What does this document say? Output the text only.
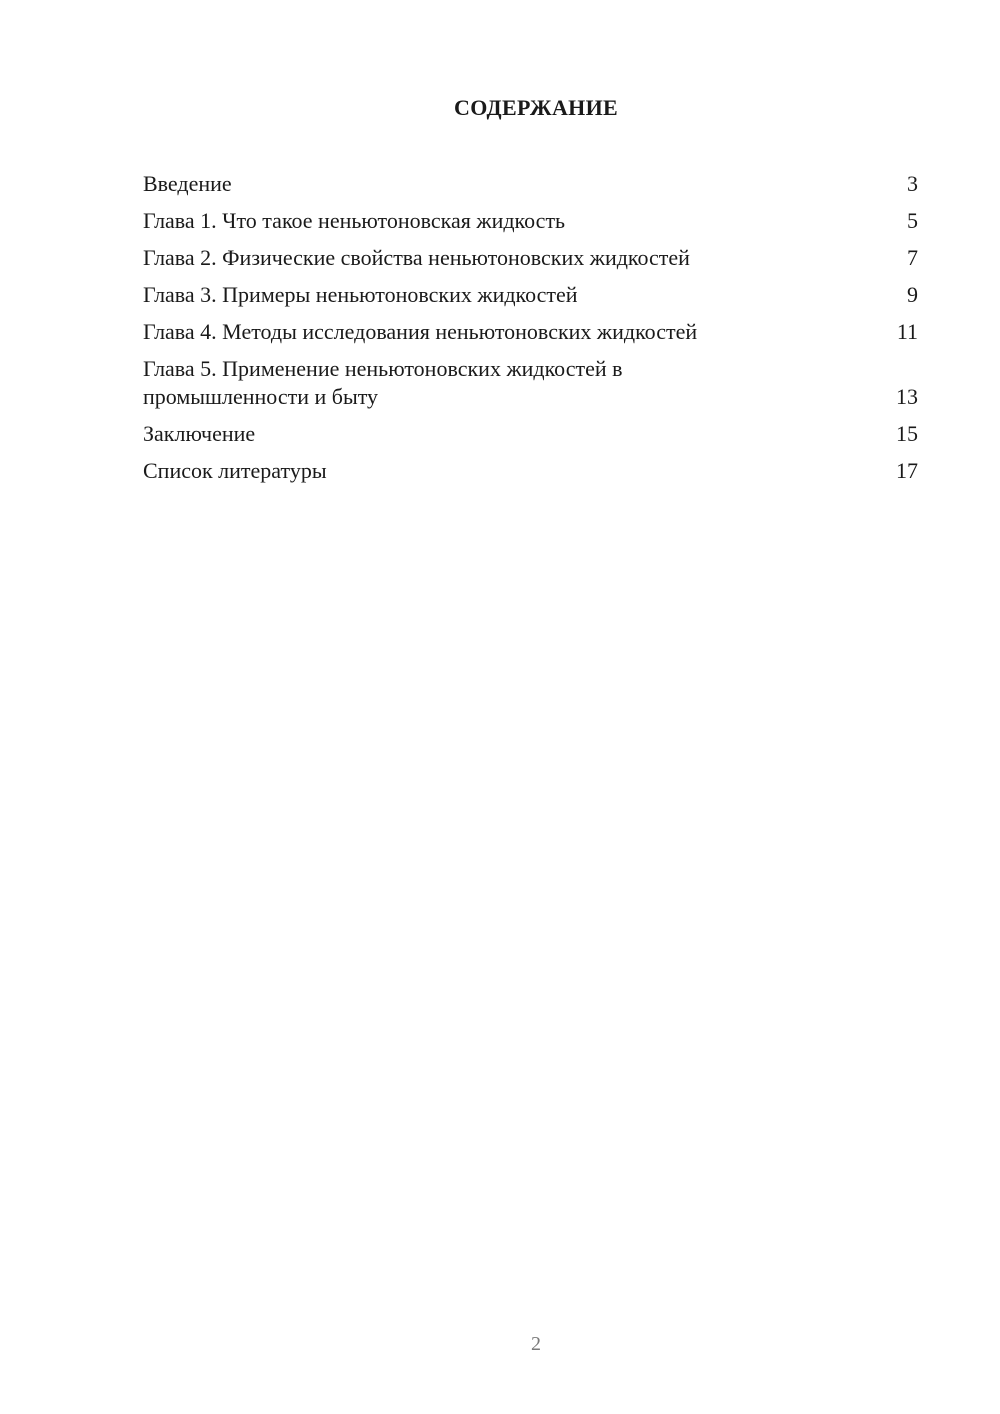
СОДЕРЖАНИЕ
Введение	3
Глава 1. Что такое неньютоновская жидкость	5
Глава 2. Физические свойства неньютоновских жидкостей	7
Глава 3. Примеры неньютоновских жидкостей	9
Глава 4. Методы исследования неньютоновских жидкостей	11
Глава 5. Применение неньютоновских жидкостей в промышленности и быту	13
Заключение	15
Список литературы	17
2
